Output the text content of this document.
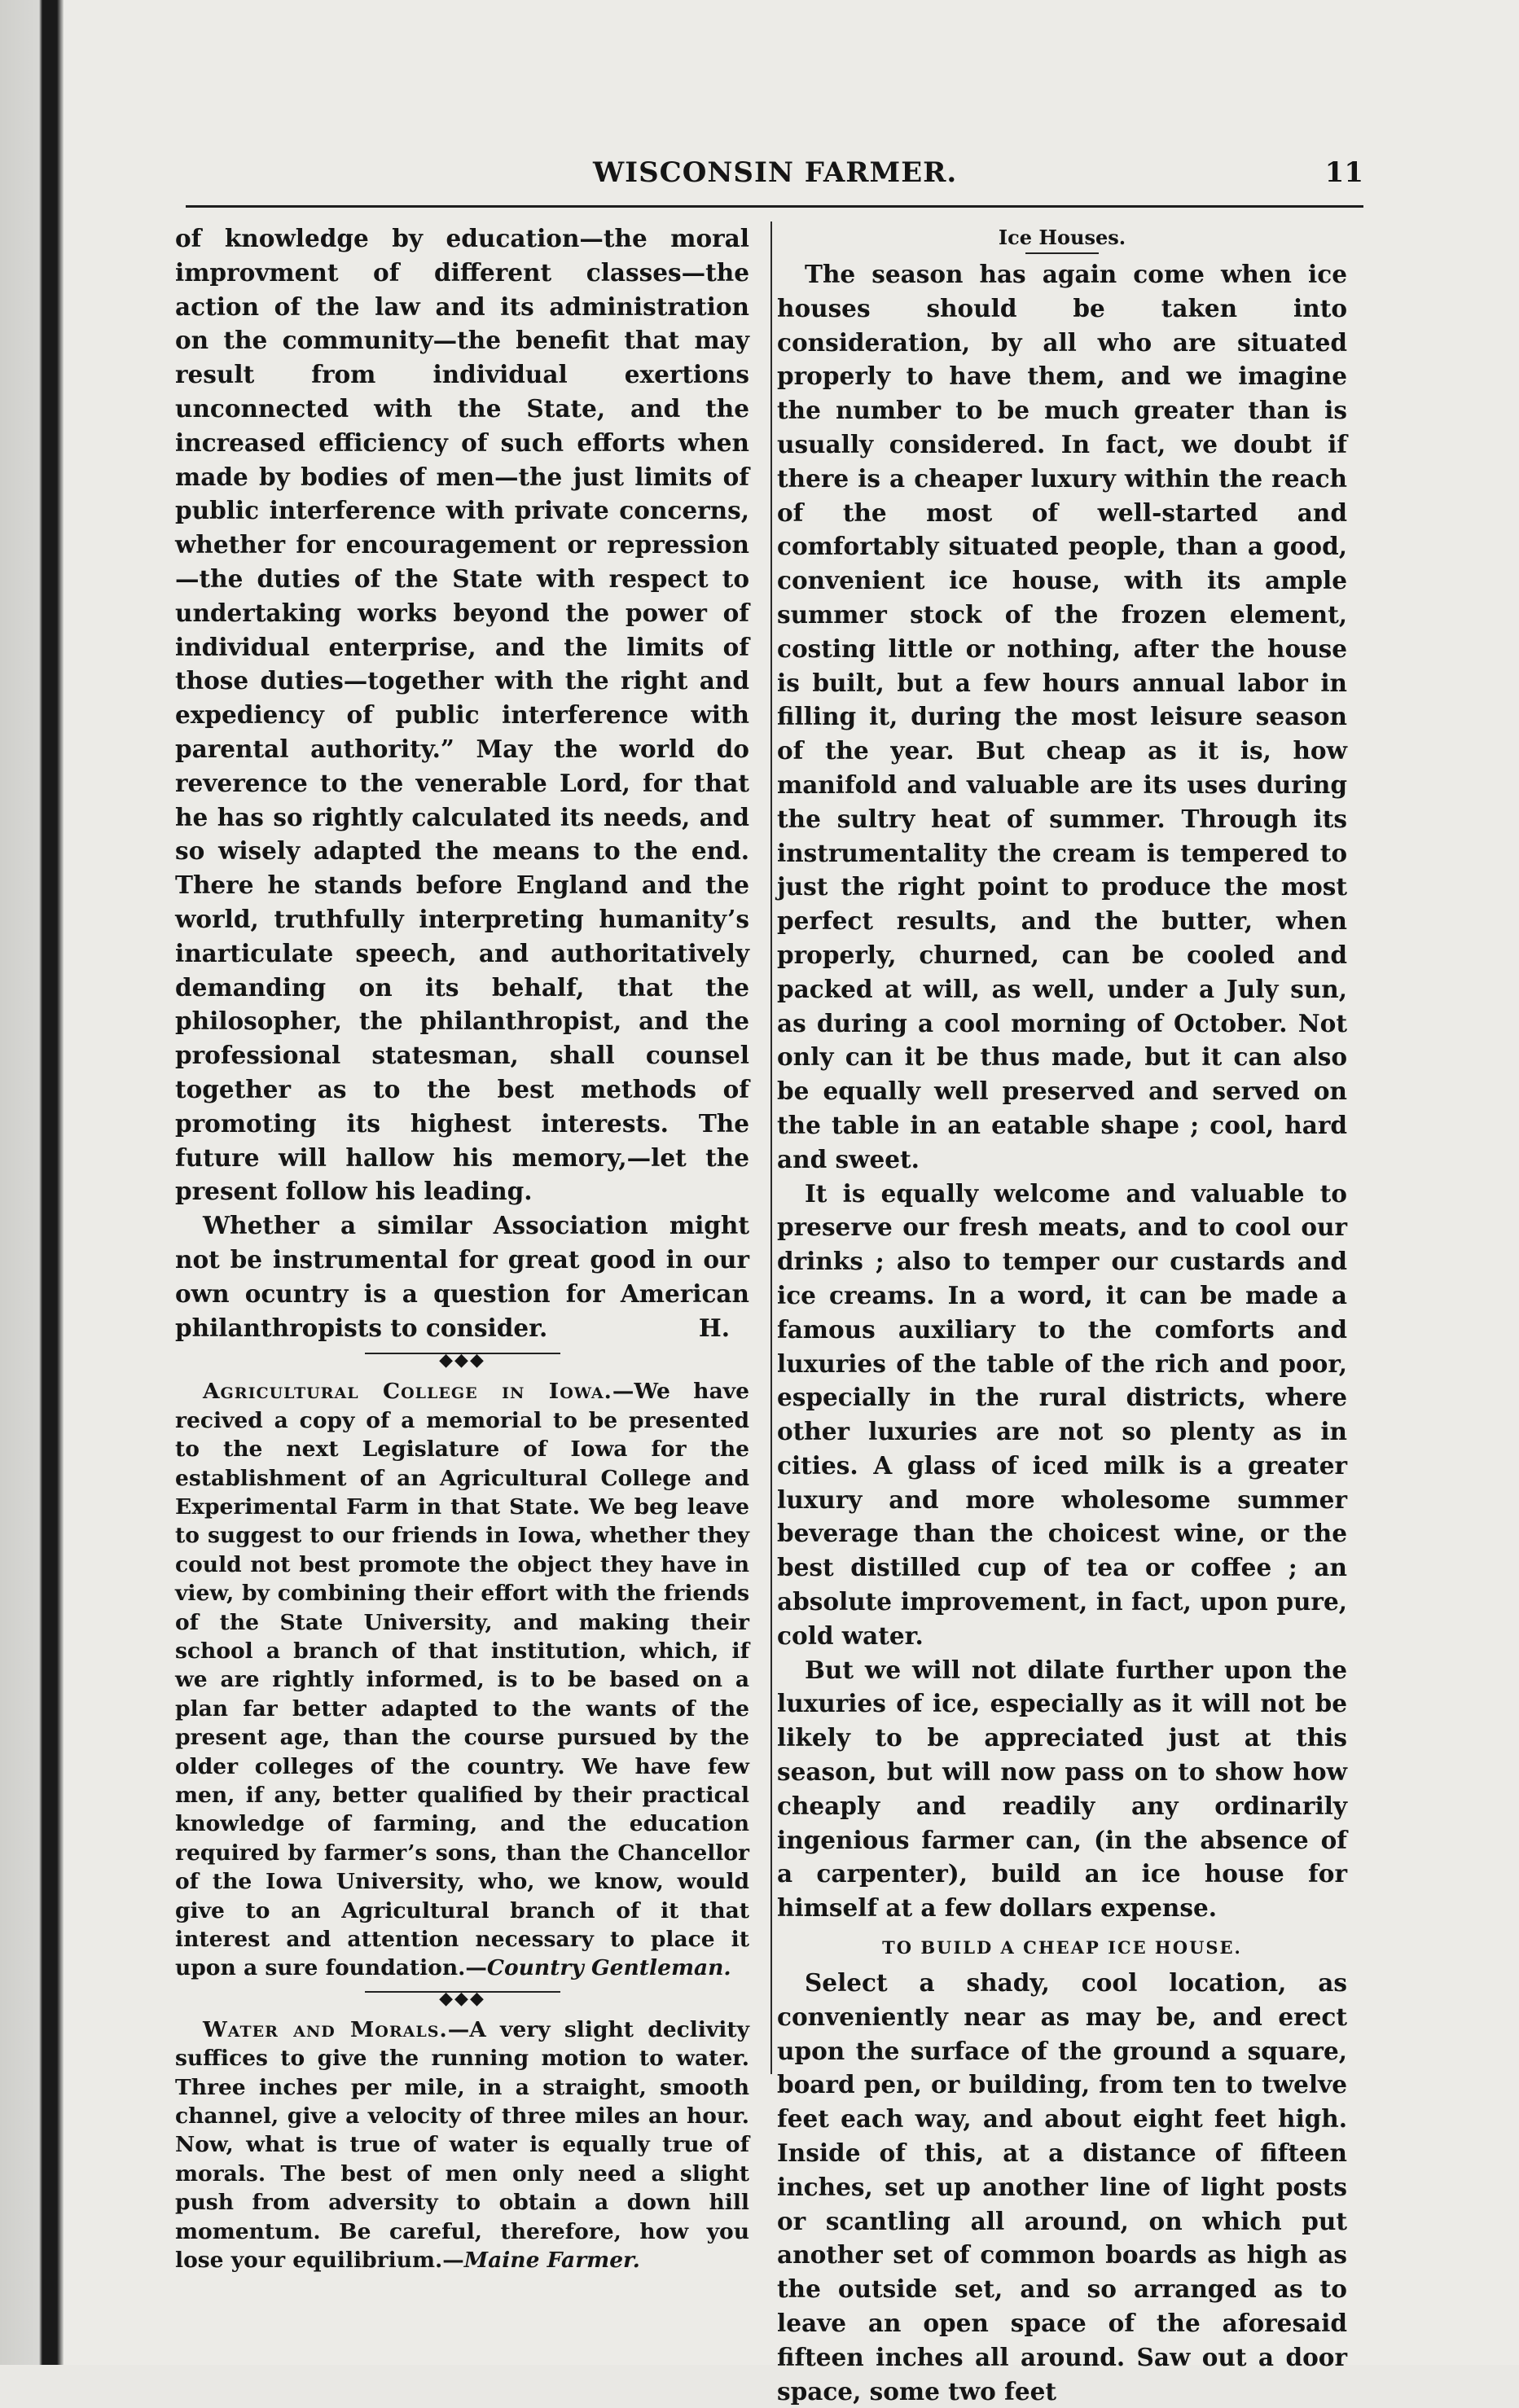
WISCONSIN FARMER.	11

of knowledge by education—the moral improvment of different classes—the action of the law and its administration on the community—the benefit that may result from individual exertions unconnected with the State, and the increased efficiency of such efforts when made by bodies of men—the just limits of public interference with private concerns, whether for encouragement or repression—the duties of the State with respect to undertaking works beyond the power of individual enterprise, and the limits of those duties—together with the right and expediency of public interference with parental authority.” May the world do reverence to the venerable Lord, for that he has so rightly calculated its needs, and so wisely adapted the means to the end. There he stands before England and the world, truthfully interpreting humanity’s inarticulate speech, and authoritatively demanding on its behalf, that the philosopher, the philanthropist, and the professional statesman, shall counsel together as to the best methods of promoting its highest interests. The future will hallow his memory,—let the present follow his leading.

Whether a similar Association might not be instrumental for great good in our own ocuntry is a question for American philanthropists to consider.	H.

◆◆◆

Agricultural College in Iowa.—We have recived a copy of a memorial to be presented to the next Legislature of Iowa for the establishment of an Agricultural College and Experimental Farm in that State. We beg leave to suggest to our friends in Iowa, whether they could not best promote the object they have in view, by combining their effort with the friends of the State University, and making their school a branch of that institution, which, if we are rightly informed, is to be based on a plan far better adapted to the wants of the present age, than the course pursued by the older colleges of the country. We have few men, if any, better qualified by their practical knowledge of farming, and the education required by farmer’s sons, than the Chancellor of the Iowa University, who, we know, would give to an Agricultural branch of it that interest and attention necessary to place it upon a sure foundation.—Country Gentleman.

◆◆◆

Water and Morals.—A very slight declivity suffices to give the running motion to water. Three inches per mile, in a straight, smooth channel, give a velocity of three miles an hour. Now, what is true of water is equally true of morals. The best of men only need a slight push from adversity to obtain a down hill momentum. Be careful, therefore, how you lose your equilibrium.—Maine Farmer.

Ice Houses.

The season has again come when ice houses should be taken into consideration, by all who are situated properly to have them, and we imagine the number to be much greater than is usually considered. In fact, we doubt if there is a cheaper luxury within the reach of the most of well-started and comfortably situated people, than a good, convenient ice house, with its ample summer stock of the frozen element, costing little or nothing, after the house is built, but a few hours annual labor in filling it, during the most leisure season of the year. But cheap as it is, how manifold and valuable are its uses during the sultry heat of summer. Through its instrumentality the cream is tempered to just the right point to produce the most perfect results, and the butter, when properly, churned, can be cooled and packed at will, as well, under a July sun, as during a cool morning of October. Not only can it be thus made, but it can also be equally well preserved and served on the table in an eatable shape ; cool, hard and sweet.

It is equally welcome and valuable to preserve our fresh meats, and to cool our drinks ; also to temper our custards and ice creams. In a word, it can be made a famous auxiliary to the comforts and luxuries of the table of the rich and poor, especially in the rural districts, where other luxuries are not so plenty as in cities. A glass of iced milk is a greater luxury and more wholesome summer beverage than the choicest wine, or the best distilled cup of tea or coffee ; an absolute improvement, in fact, upon pure, cold water.

But we will not dilate further upon the luxuries of ice, especially as it will not be likely to be appreciated just at this season, but will now pass on to show how cheaply and readily any ordinarily ingenious farmer can, (in the absence of a carpenter), build an ice house for himself at a few dollars expense.

TO BUILD A CHEAP ICE HOUSE.

Select a shady, cool location, as conveniently near as may be, and erect upon the surface of the ground a square, board pen, or building, from ten to twelve feet each way, and about eight feet high. Inside of this, at a distance of fifteen inches, set up another line of light posts or scantling all around, on which put another set of common boards as high as the outside set, and so arranged as to leave an open space of the aforesaid fifteen inches all around. Saw out a door space, some two feet
